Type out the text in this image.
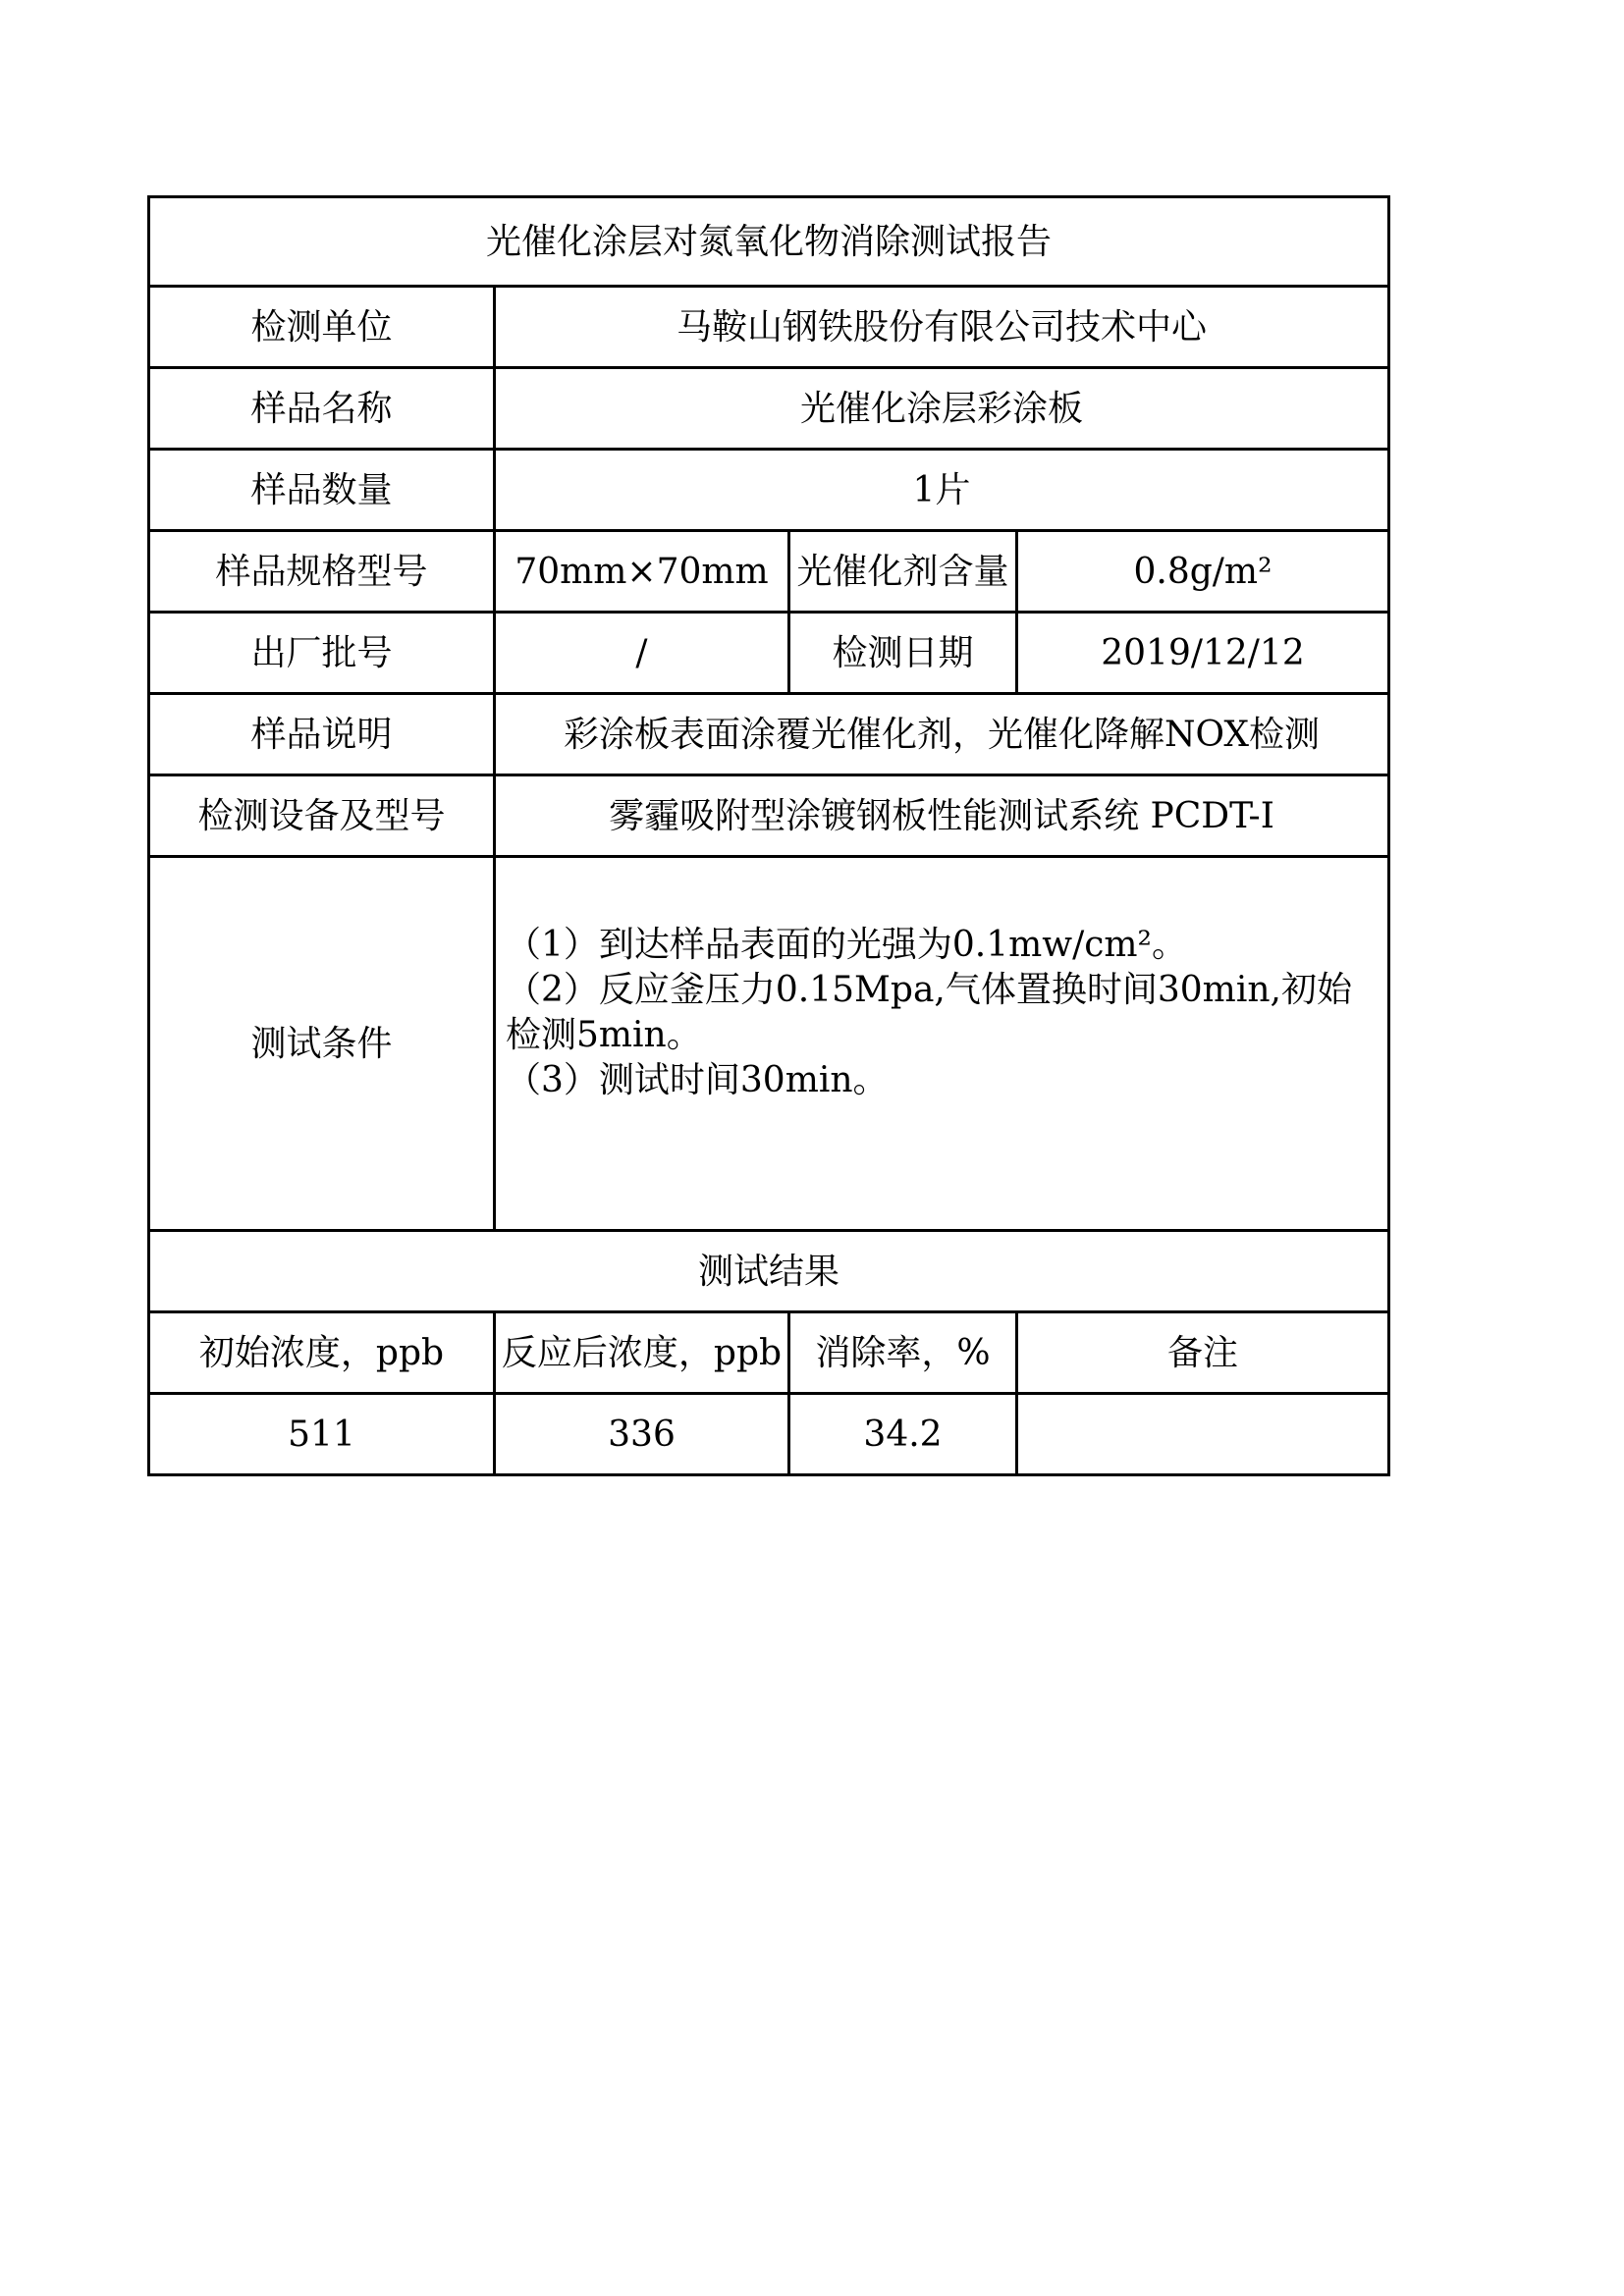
光催化涂层对氮氧化物消除测试报告			
检测单位	马鞍山钢铁股份有限公司技术中心		
样品名称	光催化涂层彩涂板		
样品数量	1片		
样品规格型号	70mm×70mm	光催化剂含量	0.8g/m²
出厂批号	/	检测日期	2019/12/12
样品说明	彩涂板表面涂覆光催化剂，光催化降解NOX检测		
检测设备及型号	雾霾吸附型涂镀钢板性能测试系统 PCDT-I		
测试条件	（1）到达样品表面的光强为0.1mw/cm²。
（2）反应釜压力0.15Mpa,气体置换时间30min,初始检测5min。
（3）测试时间30min。		

测试结果			
初始浓度，ppb	反应后浓度，ppb	消除率，%	备注
511	336	34.2	
